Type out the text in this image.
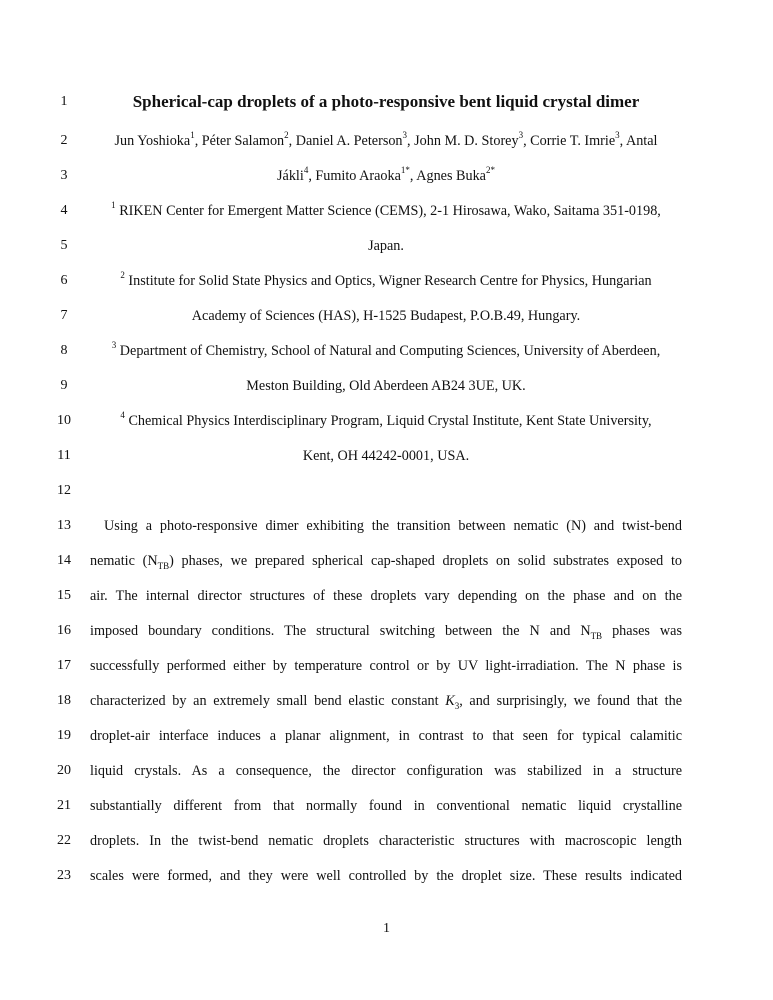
1	Spherical-cap droplets of a photo-responsive bent liquid crystal dimer
2	Jun Yoshioka$^1$, Péter Salamon$^2$, Daniel A. Peterson$^3$, John M. D. Storey$^3$, Corrie T. Imrie$^3$, Antal
3	Jákli$^4$, Fumito Araoka$^{1*}$, Agnes Buka$^{2*}$
4	$^1$ RIKEN Center for Emergent Matter Science (CEMS), 2-1 Hirosawa, Wako, Saitama 351-0198,
5	Japan.
6	$^2$ Institute for Solid State Physics and Optics, Wigner Research Centre for Physics, Hungarian
7	Academy of Sciences (HAS), H-1525 Budapest, P.O.B.49, Hungary.
8	$^3$ Department of Chemistry, School of Natural and Computing Sciences, University of Aberdeen,
9	Meston Building, Old Aberdeen AB24 3UE, UK.
10	$^4$ Chemical Physics Interdisciplinary Program, Liquid Crystal Institute, Kent State University,
11	Kent, OH 44242-0001, USA.
12
13	Using a photo-responsive dimer exhibiting the transition between nematic (N) and twist-bend
14	nematic $(N_{TB})$ phases, we prepared spherical cap-shaped droplets on solid substrates exposed to
15	air. The internal director structures of these droplets vary depending on the phase and on the
16	imposed boundary conditions. The structural switching between the N and $N_{TB}$ phases was
17	successfully performed either by temperature control or by UV light-irradiation. The N phase is
18	characterized by an extremely small bend elastic constant $K_3$, and surprisingly, we found that the
19	droplet-air interface induces a planar alignment, in contrast to that seen for typical calamitic
20	liquid crystals. As a consequence, the director configuration was stabilized in a structure
21	substantially different from that normally found in conventional nematic liquid crystalline
22	droplets. In the twist-bend nematic droplets characteristic structures with macroscopic length
23	scales were formed, and they were well controlled by the droplet size. These results indicated
1
